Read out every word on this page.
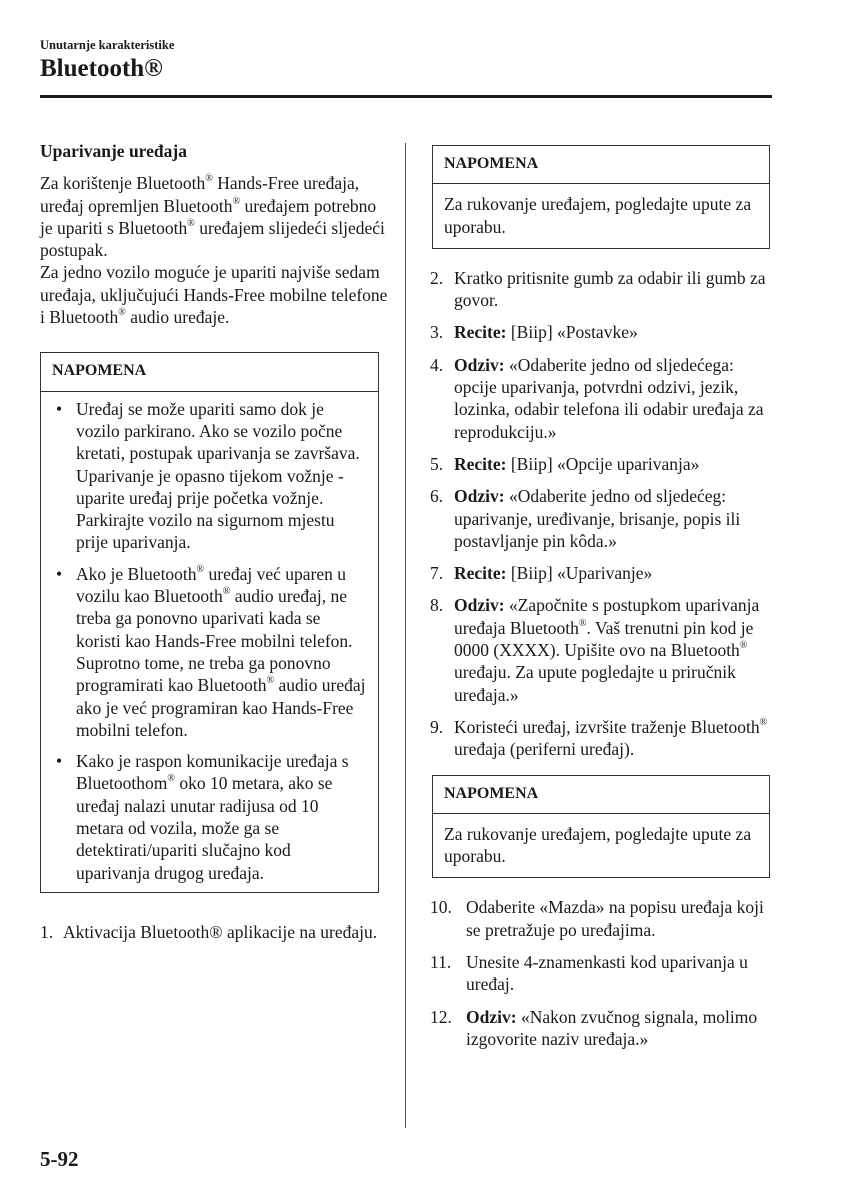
Unutarnje karakteristike
Bluetooth®
Uparivanje uređaja

Za korištenje Bluetooth® Hands-Free uređaja, uređaj opremljen Bluetooth® uređajem potrebno je upariti s Bluetooth® uređajem slijedeći sljedeći postupak.
Za jedno vozilo moguće je upariti najviše sedam uređaja, uključujući Hands-Free mobilne telefone i Bluetooth® audio uređaje.

NAPOMENA
• Uređaj se može upariti samo dok je vozilo parkirano. Ako se vozilo počne kretati, postupak uparivanja se završava. Uparivanje je opasno tijekom vožnje - uparite uređaj prije početka vožnje. Parkirajte vozilo na sigurnom mjestu prije uparivanja.
• Ako je Bluetooth® uređaj već uparen u vozilu kao Bluetooth® audio uređaj, ne treba ga ponovno uparivati kada se koristi kao Hands-Free mobilni telefon. Suprotno tome, ne treba ga ponovno programirati kao Bluetooth® audio uređaj ako je već programiran kao Hands-Free mobilni telefon.
• Kako je raspon komunikacije uređaja s Bluetoothom® oko 10 metara, ako se uređaj nalazi unutar radijusa od 10 metara od vozila, može ga se detektirati/upariti slučajno kod uparivanja drugog uređaja.
1. Aktivacija Bluetooth® aplikacije na uređaju.
NAPOMENA
Za rukovanje uređajem, pogledajte upute za uporabu.
2. Kratko pritisnite gumb za odabir ili gumb za govor.
3. Recite: [Biip] «Postavke»
4. Odziv: «Odaberite jedno od sljedećega: opcije uparivanja, potvrdni odzivi, jezik, lozinka, odabir telefona ili odabir uređaja za reprodukciju.»
5. Recite: [Biip] «Opcije uparivanja»
6. Odziv: «Odaberite jedno od sljedećeg: uparivanje, uređivanje, brisanje, popis ili postavljanje pin kôda.»
7. Recite: [Biip] «Uparivanje»
8. Odziv: «Započnite s postupkom uparivanja uređaja Bluetooth®. Vaš trenutni pin kod je 0000 (XXXX). Upišite ovo na Bluetooth® uređaju. Za upute pogledajte u priručnik uređaja.»
9. Koristeći uređaj, izvršite traženje Bluetooth® uređaja (periferni uređaj).
NAPOMENA
Za rukovanje uređajem, pogledajte upute za uporabu.
10. Odaberite «Mazda» na popisu uređaja koji se pretražuje po uređajima.
11. Unesite 4-znamenkasti kod uparivanja u uređaj.
12. Odziv: «Nakon zvučnog signala, molimo izgovorite naziv uređaja.»
5-92
